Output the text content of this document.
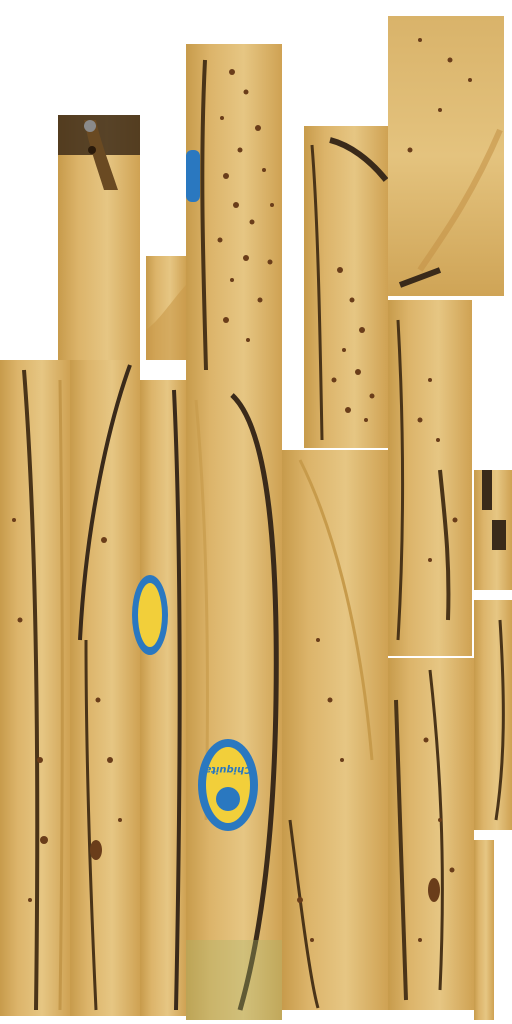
Chiquita
